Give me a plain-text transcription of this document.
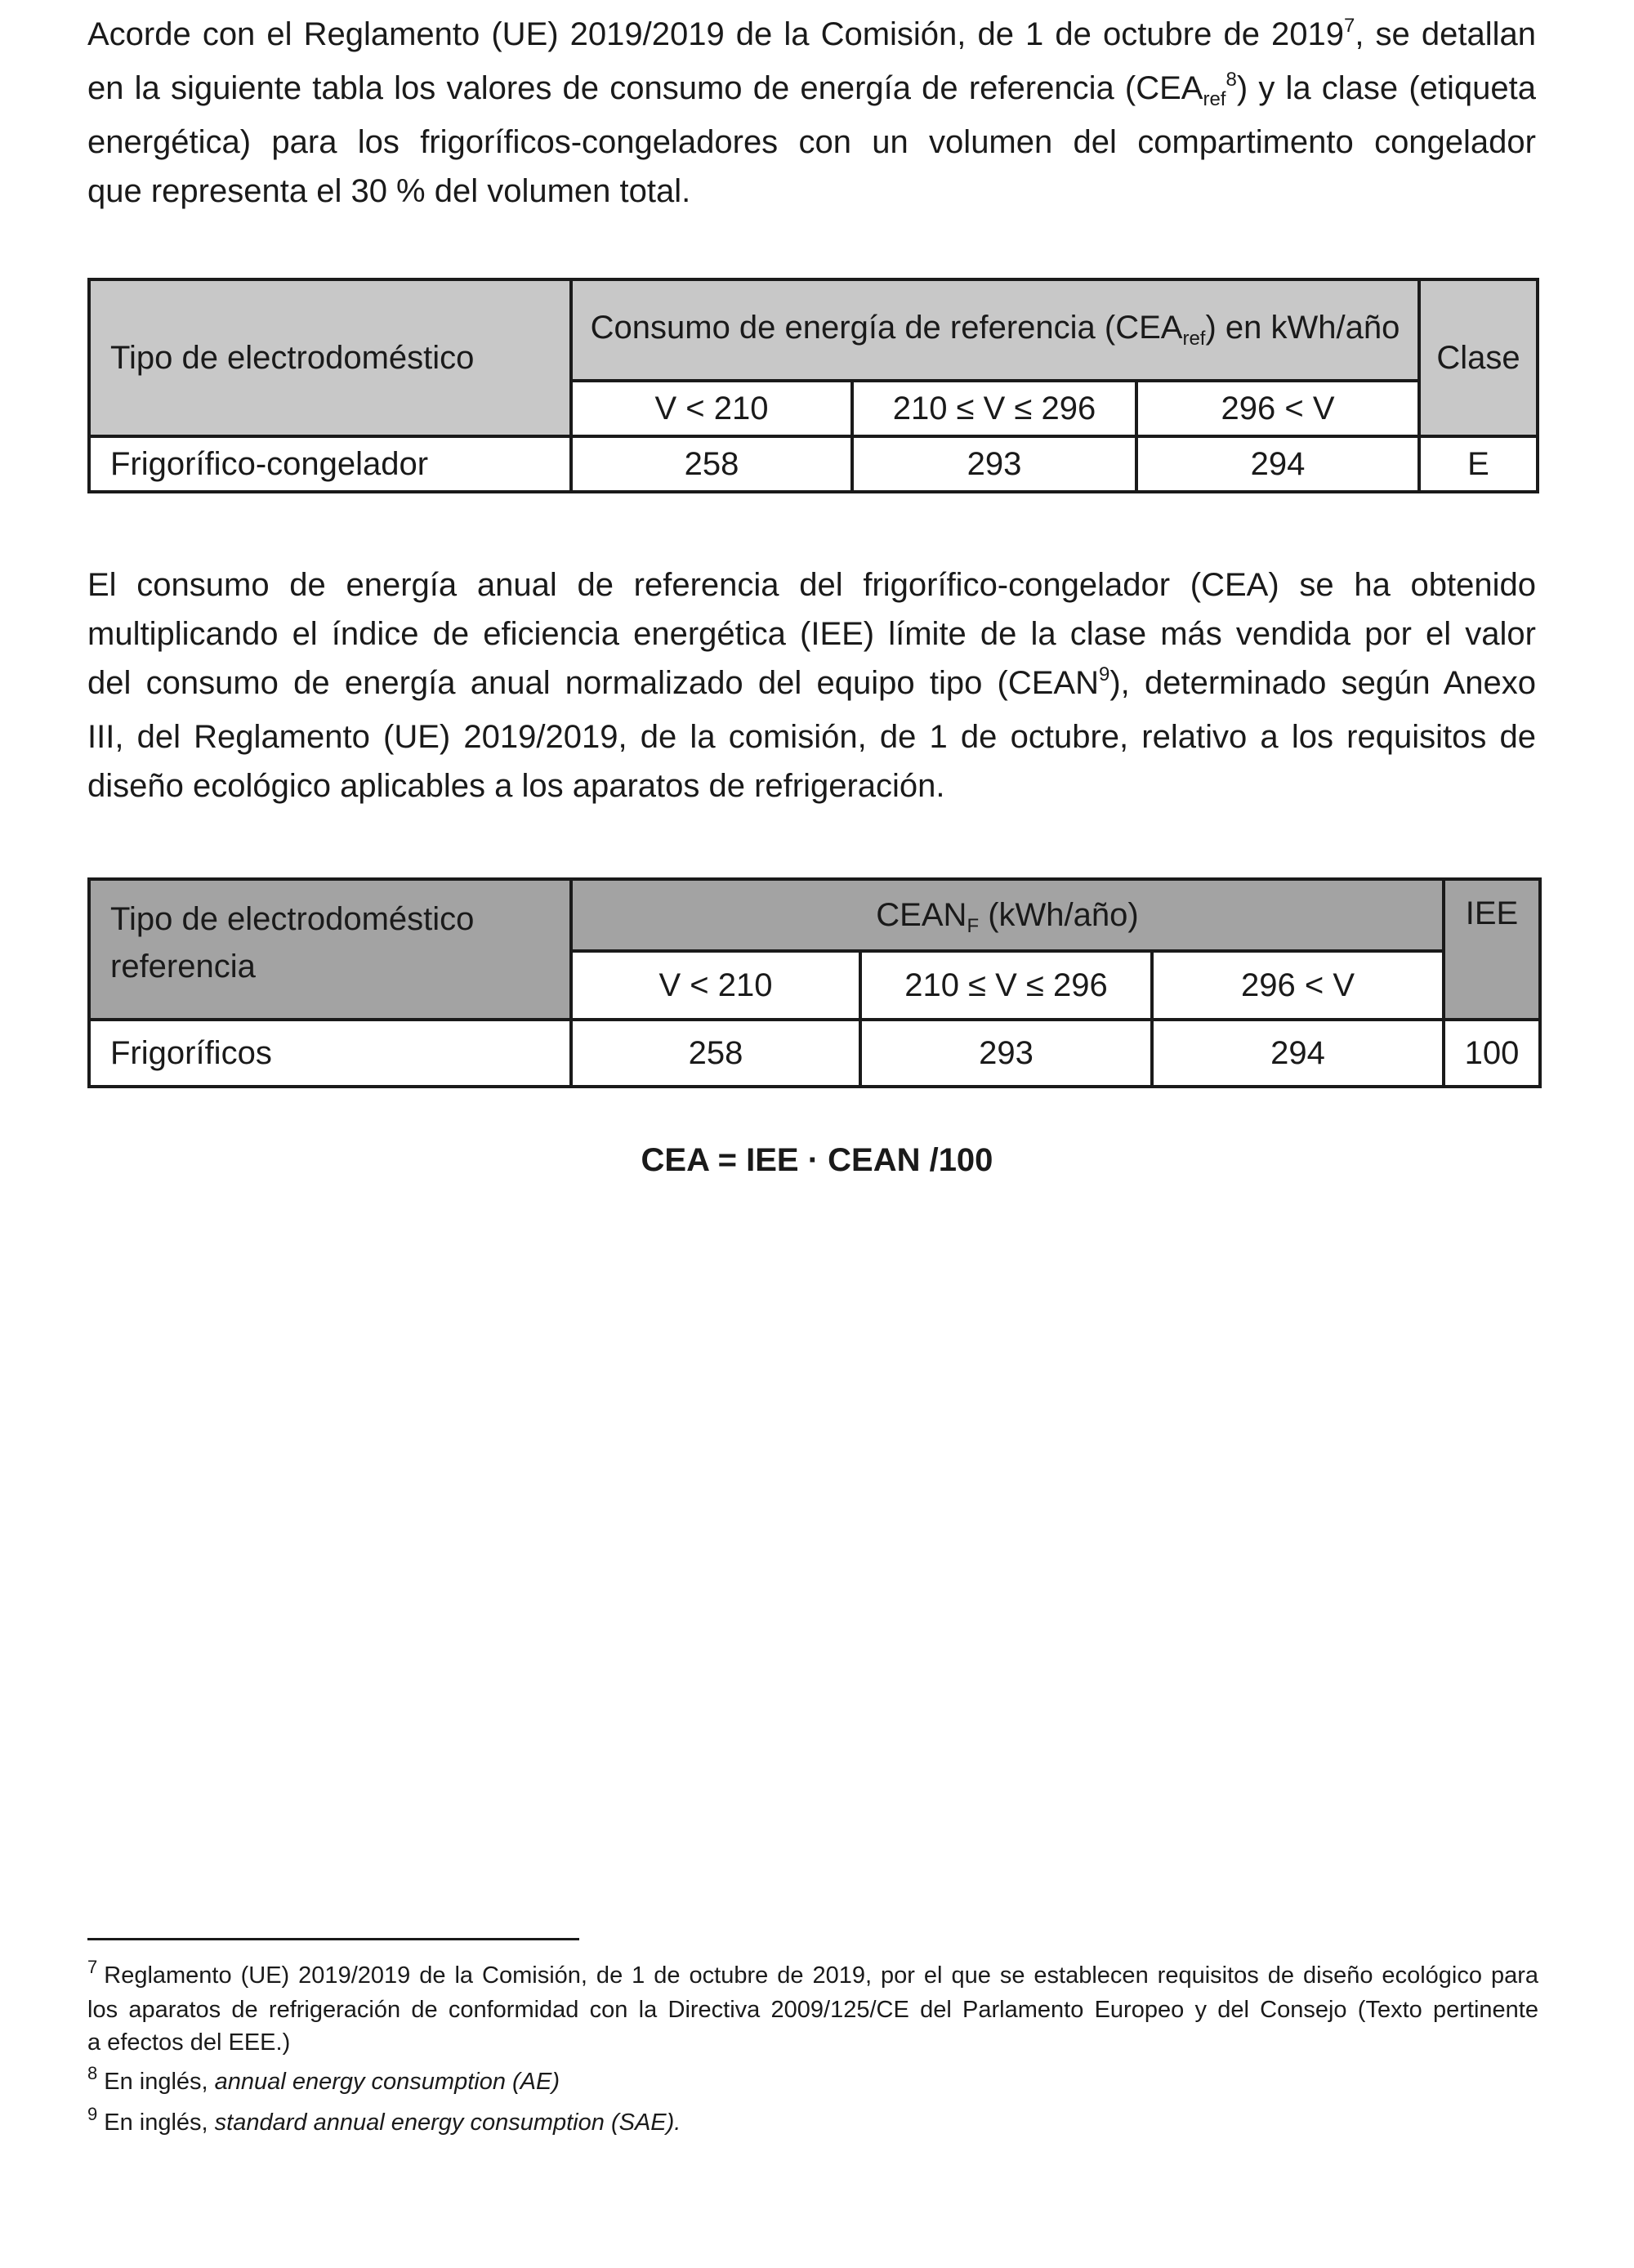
Acorde con el Reglamento (UE) 2019/2019 de la Comisión, de 1 de octubre de 2019$^7$, se detallan
en la siguiente tabla los valores de consumo de energía de referencia $(CEA_{ref}^8)$ y la clase (etiqueta
energética) para los frigoríficos-congeladores con un volumen del compartimento congelador
que representa el 30 % del volumen total.
Tipo de electrodoméstico	Consumo de energía de referencia $(CEA_{ref})$ en kWh/año			Clase
	V < 210	210 ≤ V ≤ 296	296 < V	
Frigorífico-congelador	258	293	294	E
El consumo de energía anual de referencia del frigorífico-congelador (CEA) se ha obtenido
multiplicando el índice de eficiencia energética (IEE) límite de la clase más vendida por el valor
del consumo de energía anual normalizado del equipo tipo (CEAN$^9$), determinado según Anexo
III, del Reglamento (UE) 2019/2019, de la comisión, de 1 de octubre, relativo a los requisitos de
diseño ecológico aplicables a los aparatos de refrigeración.
Tipo de electrodoméstico referencia	$CEAN_F$ (kWh/año)			IEE
	V < 210	210 ≤ V ≤ 296	296 < V	
Frigoríficos	258	293	294	100
CEA = IEE · CEAN /100
$^7$ Reglamento (UE) 2019/2019 de la Comisión, de 1 de octubre de 2019, por el que se establecen requisitos de diseño ecológico para
los aparatos de refrigeración de conformidad con la Directiva 2009/125/CE del Parlamento Europeo y del Consejo (Texto pertinente
a efectos del EEE.)
$^8$ En inglés, annual energy consumption (AE)
$^9$ En inglés, standard annual energy consumption (SAE).
